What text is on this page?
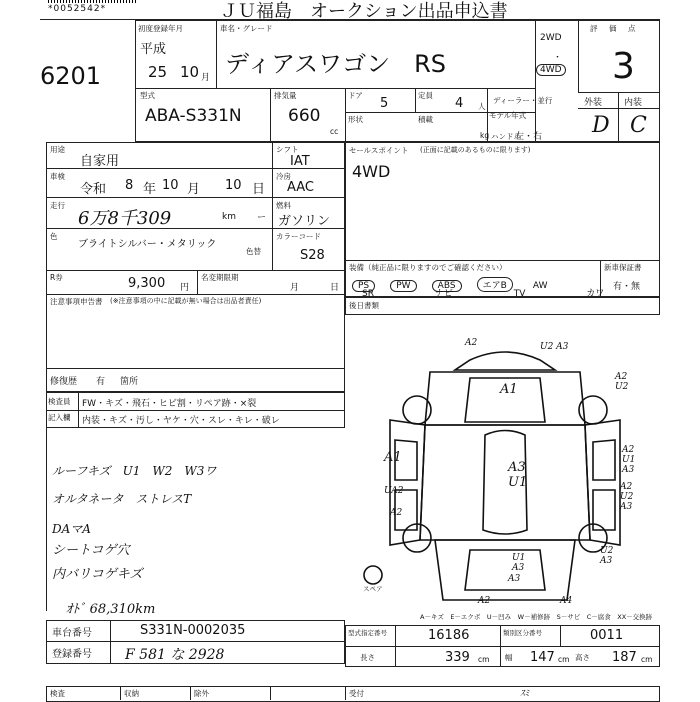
*0052542*	ＪＵ福島　オークション出品申込書
6201
初度登録年月
平成
25 10 月
車名・グレード
ディアスワゴン　RS
2WD
・
4WD
評　価　点
3
外装 内装
D C
型式
ABA-S331N
排気量
660
cc
ドア
5
定員
4 人
ディーラー・並行
形状	積載	モデル年式
kg ハンドル
左・右
用途
自家用
シフト
IAT
車検
令和 8 年 10 月 10 日
冷房
AAC
走行
6万8千309	km ー
燃料
ガソリン
色
ブライトシルバー・メタリック
色替
カラーコード
S28
R券	9,300 円
名変期限期
月	日
注意事項申告書 (※注意事項の中に記載が無い場合は出品者責任)
修復歴 有 箇所
セールスポイント (正面に記載のあるものに限ります)
4WD
装備（純正品に限りますのでご確認ください）
PS	PW	ABS	エアB	AW
SR	ナビ	TV	カワ
新車保証書
有・無
後日書類
検査員
記入欄
FW・キズ・飛石・ヒビ割・リペア跡・×裂
内装・キズ・汚し・ヤケ・穴・スレ・キレ・破レ
ルーフキズ　U1　W2　W3ワ
オルタネータ　ストレスT
DAマA
シートコゲ穴
内バリコゲキズ
ｵﾄﾞ 68,310km
A2	U2 A3
A1
A2 U2
A1
A3 U1
A2 U1 A3
A2 U2 A3
UA2
A2
U1 A3
U2 A3
A3
A2	A4
スペア
A－キズ　E－エクボ　U－凹み　W－補修跡　S－サビ　C－腐食　XX－交換跡
車台番号	S331N-0002035
登録番号 F 581 な 2928
型式指定番号	16186	類別区分番号	0011
長さ	339 cm 幅 147 cm 高さ 187 cm
検査	収納	除外	受付	ｽﾐ
